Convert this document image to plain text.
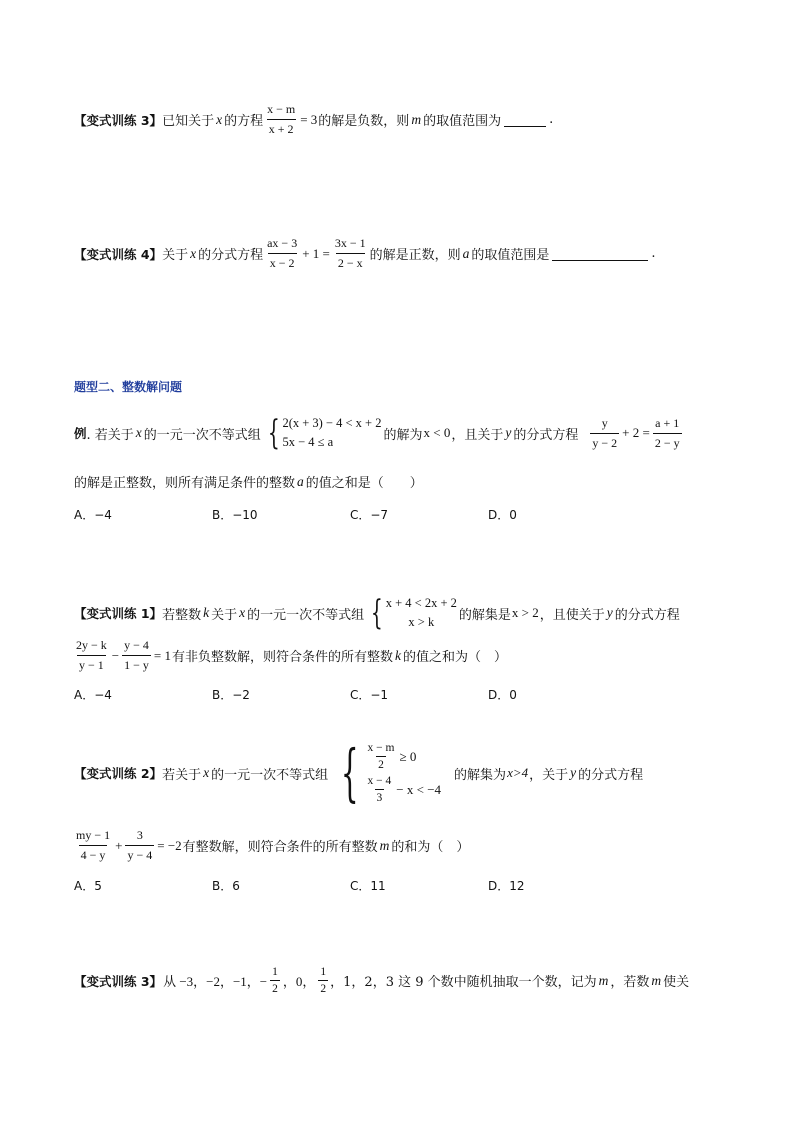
【变式训练 3】 已知关于 x 的方程 $\frac{x - m}{x + 2} = 3$ 的解是负数，则 m 的取值范围为	.
【变式训练 4】 关于 x 的分式方程 $\frac{ax - 3}{x - 2} + 1 = \frac{3x - 1}{2 - x}$ 的解是正数，则 a 的取值范围是	.
题型二、整数解问题
例 . 若关于 x 的一元一次不等式组 { 2(x + 3) − 4 < x + 2
5x − 4 ≤ a	的解为 x < 0 ，且关于 y 的分式方程 $\frac{y}{y - 2} + 2 = \frac{a + 1}{2 - y}$
的解是正整数，则所有满足条件的整数 a 的值之和是（　　）
A．−4	B．−10	C．−7	D．0
【变式训练 1】 若整数 k 关于 x 的一元一次不等式组 { x + 4 < 2x + 2
x > k 的解集是 x > 2 ，且使关于 y 的分式方程
$\frac{2y - k}{y - 1} - \frac{y - 4}{1 - y} = 1$ 有非负整数解，则符合条件的所有整数 k 的值之和为（　）
A．−4	B．−2	C．−1	D．0
【变式训练 2】 若关于 x 的一元一次不等式组 { $\frac{x - m}{2} \ge 0$
$\frac{x - 4}{3} - x < -4$
的解集为 x>4 ，关于 y 的分式方程
$\frac{my - 1}{4 - y} + \frac{3}{y - 4} = -2$ 有整数解，则符合条件的所有整数 m 的和为（　）
A．5	B．6	C．11	D．12
【变式训练 3】 从 −3，−2，−1，− $\frac{1}{2}$ ，0， $\frac{1}{2}$ ，1，2，3 这 9 个数中随机抽取一个数，记为 m ，若数 m 使关
